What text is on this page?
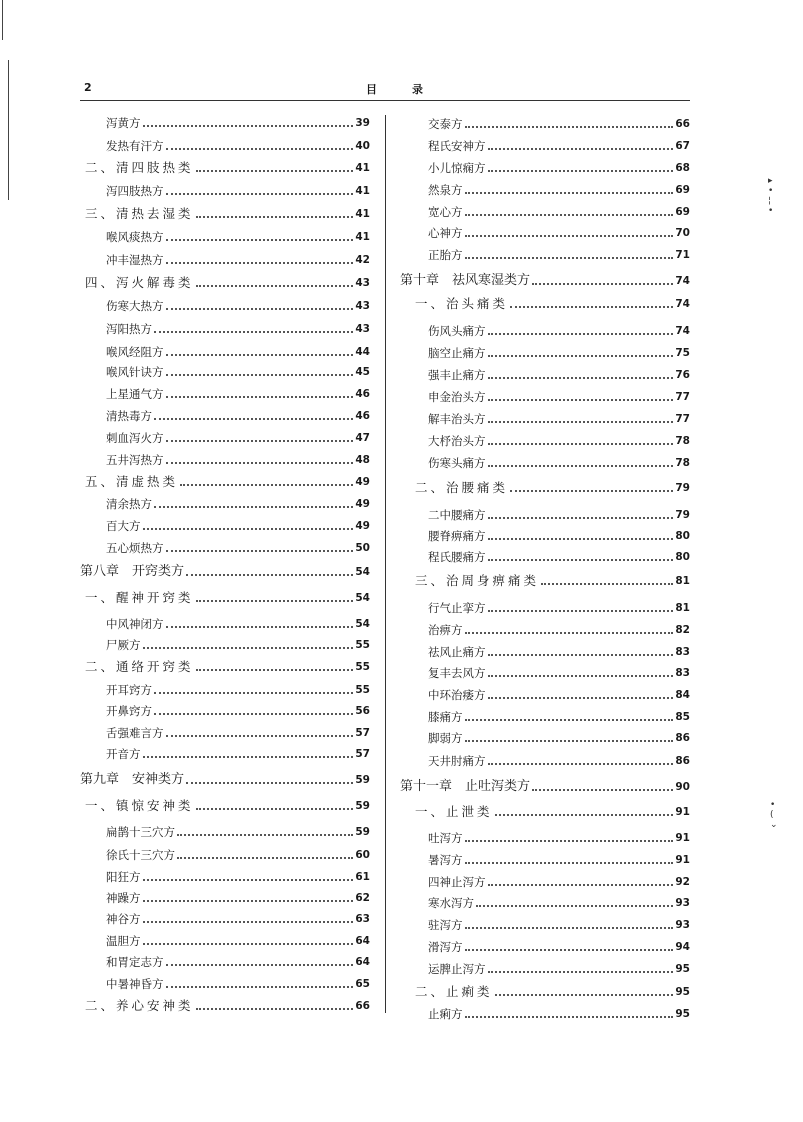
2	目	录
泻黄方	39
发热有汗方	40
二、清四肢热类	41
泻四肢热方	41
三、清热去湿类	41
喉风痰热方	41
冲丰湿热方	42
四、泻火解毒类	43
伤寒大热方	43
泻阳热方	43
喉风经阻方	44
喉风针诀方	45
上星通气方	46
清热毒方	46
刺血泻火方	47
五井泻热方	48
五、清虚热类	49
清余热方	49
百大方	49
五心烦热方	50
第八章　开窍类方	54
一、醒神开窍类	54
中风神闭方	54
尸厥方	55
二、通络开窍类	55
开耳窍方	55
开鼻窍方	56
舌强难言方	57
开音方	57
第九章　安神类方	59
一、镇惊安神类	59
扁鹊十三穴方	59
徐氏十三穴方	60
阳狂方	61
神躁方	62
神谷方	63
温胆方	64
和胃定志方	64
中暑神昏方	65
二、养心安神类	66
交泰方	66
程氏安神方	67
小儿惊痫方	68
然泉方	69
宽心方	69
心神方	70
正胎方	71
第十章　祛风寒湿类方	74
一、治头痛类	74
伤风头痛方	74
脑空止痛方	75
强丰止痛方	76
申金治头方	77
解丰治头方	77
大杼治头方	78
伤寒头痛方	78
二、治腰痛类	79
二中腰痛方	79
腰脊痹痛方	80
程氏腰痛方	80
三、治周身痹痛类	81
行气止挛方	81
治痹方	82
祛风止痛方	83
复丰去风方	83
中环治痿方	84
膝痛方	85
脚弱方	86
天井肘痛方	86
第十一章　止吐泻类方	90
一、止泄类	91
吐泻方	91
暑泻方	91
四神止泻方	92
寒水泻方	93
驻泻方	93
滑泻方	94
运脾止泻方	95
二、止痢类	95
止痢方	95
▸
•
¦
•
•
(
⌄
